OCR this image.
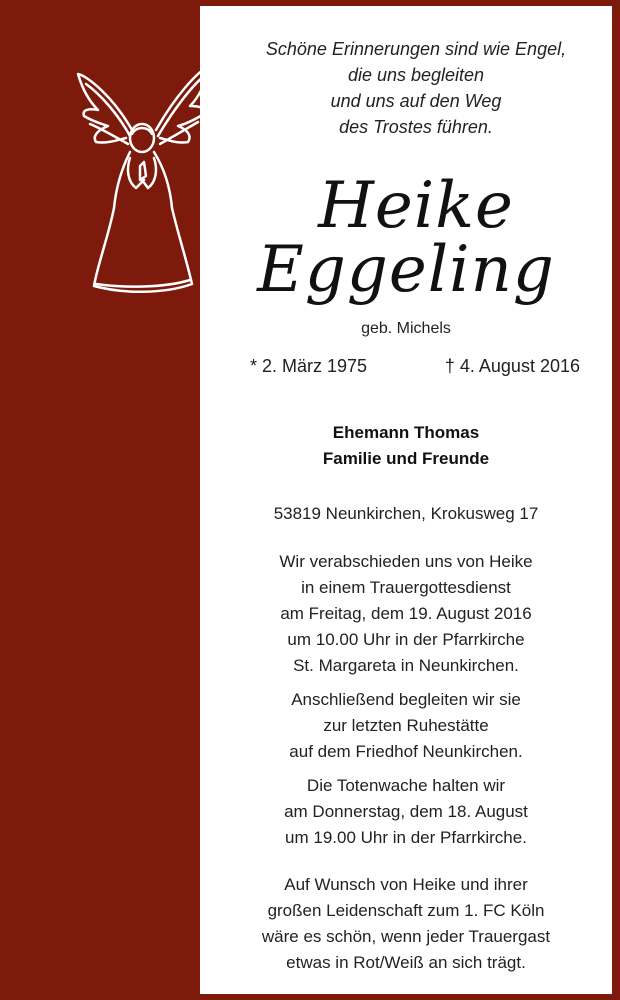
Schöne Erinnerungen sind wie Engel,
die uns begleiten
und uns auf den Weg
des Trostes führen.
Heike
Eggeling
geb. Michels
* 2. März 1975	† 4. August 2016
Ehemann Thomas
Familie und Freunde
53819 Neunkirchen, Krokusweg 17
Wir verabschieden uns von Heike
in einem Trauergottesdienst
am Freitag, dem 19. August 2016
um 10.00 Uhr in der Pfarrkirche
St. Margareta in Neunkirchen.
Anschließend begleiten wir sie
zur letzten Ruhestätte
auf dem Friedhof Neunkirchen.
Die Totenwache halten wir
am Donnerstag, dem 18. August
um 19.00 Uhr in der Pfarrkirche.
Auf Wunsch von Heike und ihrer
großen Leidenschaft zum 1. FC Köln
wäre es schön, wenn jeder Trauergast
etwas in Rot/Weiß an sich trägt.
